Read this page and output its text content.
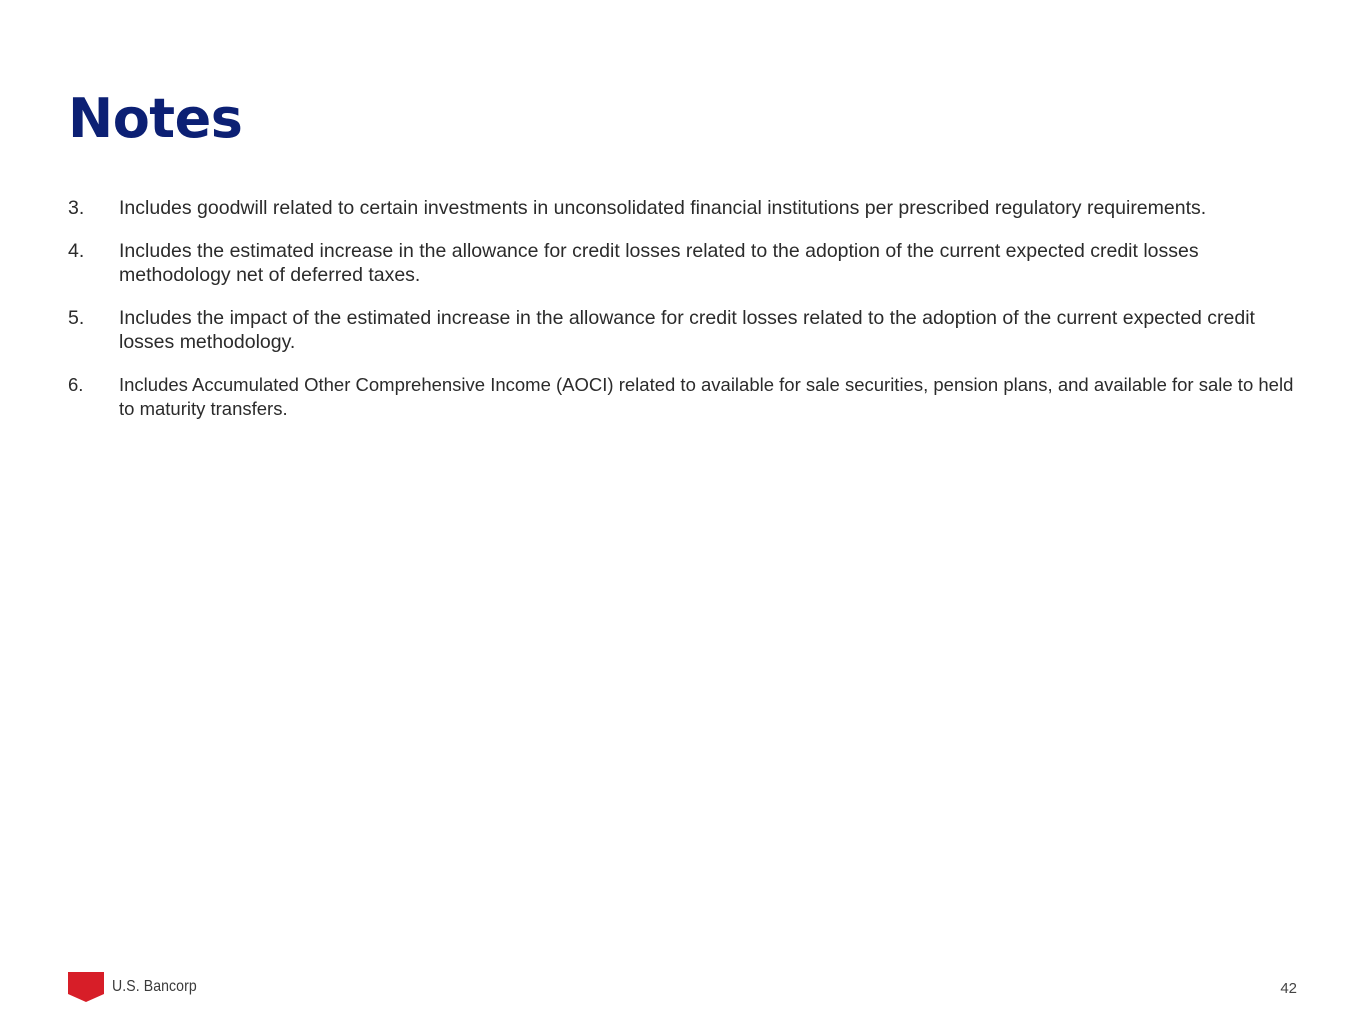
Notes
3.	Includes goodwill related to certain investments in unconsolidated financial institutions per prescribed regulatory requirements.
4.	Includes the estimated increase in the allowance for credit losses related to the adoption of the current expected credit losses methodology net of deferred taxes.
5.	Includes the impact of the estimated increase in the allowance for credit losses related to the adoption of the current expected credit losses methodology.
6.	Includes Accumulated Other Comprehensive Income (AOCI) related to available for sale securities, pension plans, and available for sale to held to maturity transfers.
U.S. Bancorp	42
